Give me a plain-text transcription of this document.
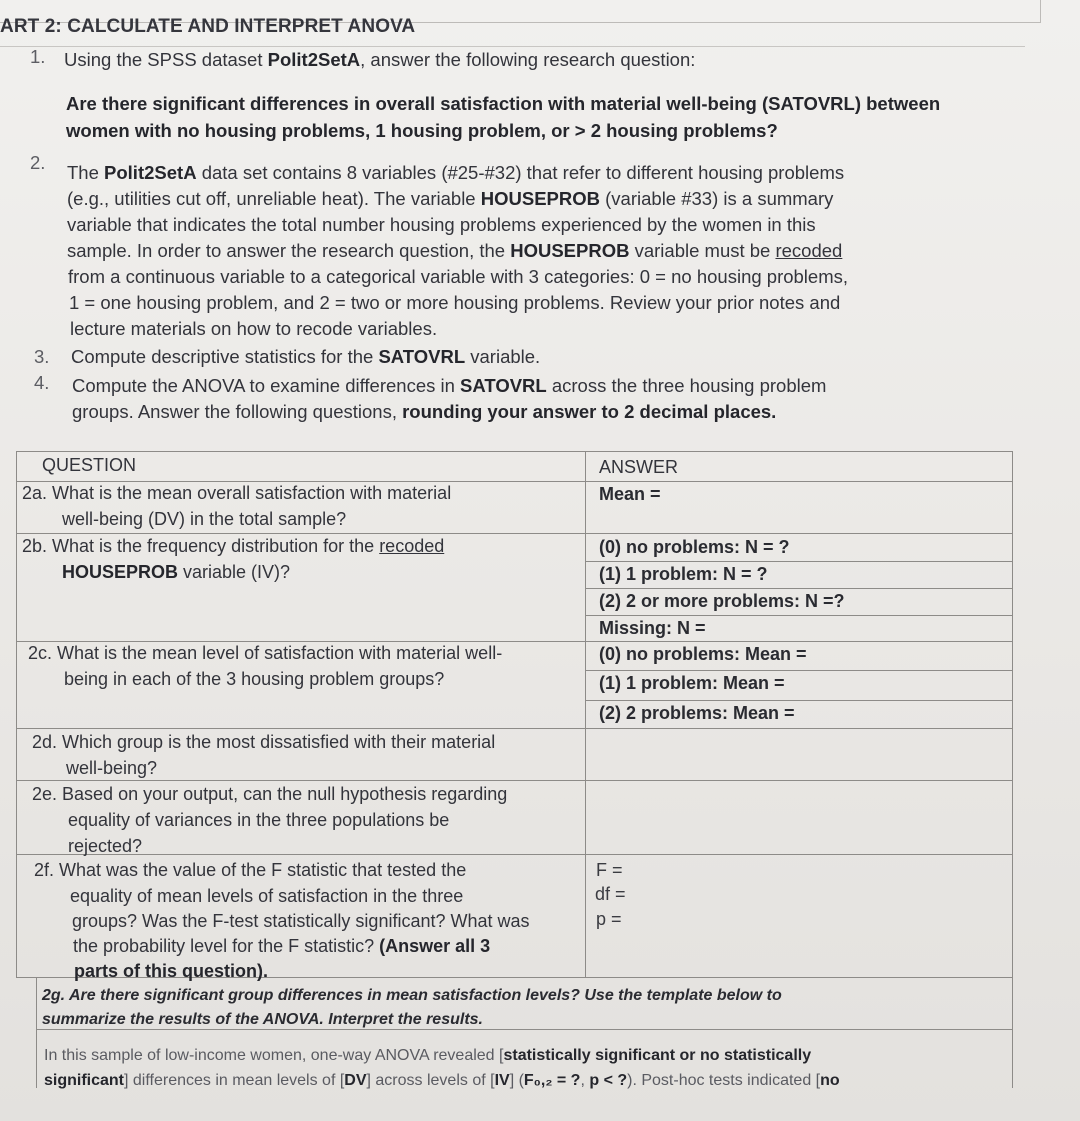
ART 2: CALCULATE AND INTERPRET ANOVA
1. Using the SPSS dataset Polit2SetA, answer the following research question:
Are there significant differences in overall satisfaction with material well-being (SATOVRL) between
women with no housing problems, 1 housing problem, or > 2 housing problems?
2. The Polit2SetA data set contains 8 variables (#25-#32) that refer to different housing problems
(e.g., utilities cut off, unreliable heat). The variable HOUSEPROB (variable #33) is a summary
variable that indicates the total number housing problems experienced by the women in this
sample. In order to answer the research question, the HOUSEPROB variable must be recoded
from a continuous variable to a categorical variable with 3 categories: 0 = no housing problems,
1 = one housing problem, and 2 = two or more housing problems. Review your prior notes and
lecture materials on how to recode variables.
3. Compute descriptive statistics for the SATOVRL variable.
4. Compute the ANOVA to examine differences in SATOVRL across the three housing problem
groups. Answer the following questions, rounding your answer to 2 decimal places.
QUESTION	ANSWER
2a. What is the mean overall satisfaction with material
well-being (DV) in the total sample?
Mean =
2b. What is the frequency distribution for the recoded
HOUSEPROB variable (IV)?
(0) no problems: N = ?
(1) 1 problem: N = ?
(2) 2 or more problems: N =?
Missing: N =
2c. What is the mean level of satisfaction with material well-
being in each of the 3 housing problem groups?
(0) no problems: Mean =
(1) 1 problem: Mean =
(2) 2 problems: Mean =
2d. Which group is the most dissatisfied with their material
well-being?
2e. Based on your output, can the null hypothesis regarding
equality of variances in the three populations be
rejected?
2f. What was the value of the F statistic that tested the
equality of mean levels of satisfaction in the three
groups? Was the F-test statistically significant? What was
the probability level for the F statistic? (Answer all 3
parts of this question).
F =
df =
p =
2g. Are there significant group differences in mean satisfaction levels? Use the template below to
summarize the results of the ANOVA. Interpret the results.
In this sample of low-income women, one-way ANOVA revealed [statistically significant or no statistically
significant] differences in mean levels of [DV] across levels of [IV] (F₀,₂ = ?, p < ?). Post-hoc tests indicated [no
